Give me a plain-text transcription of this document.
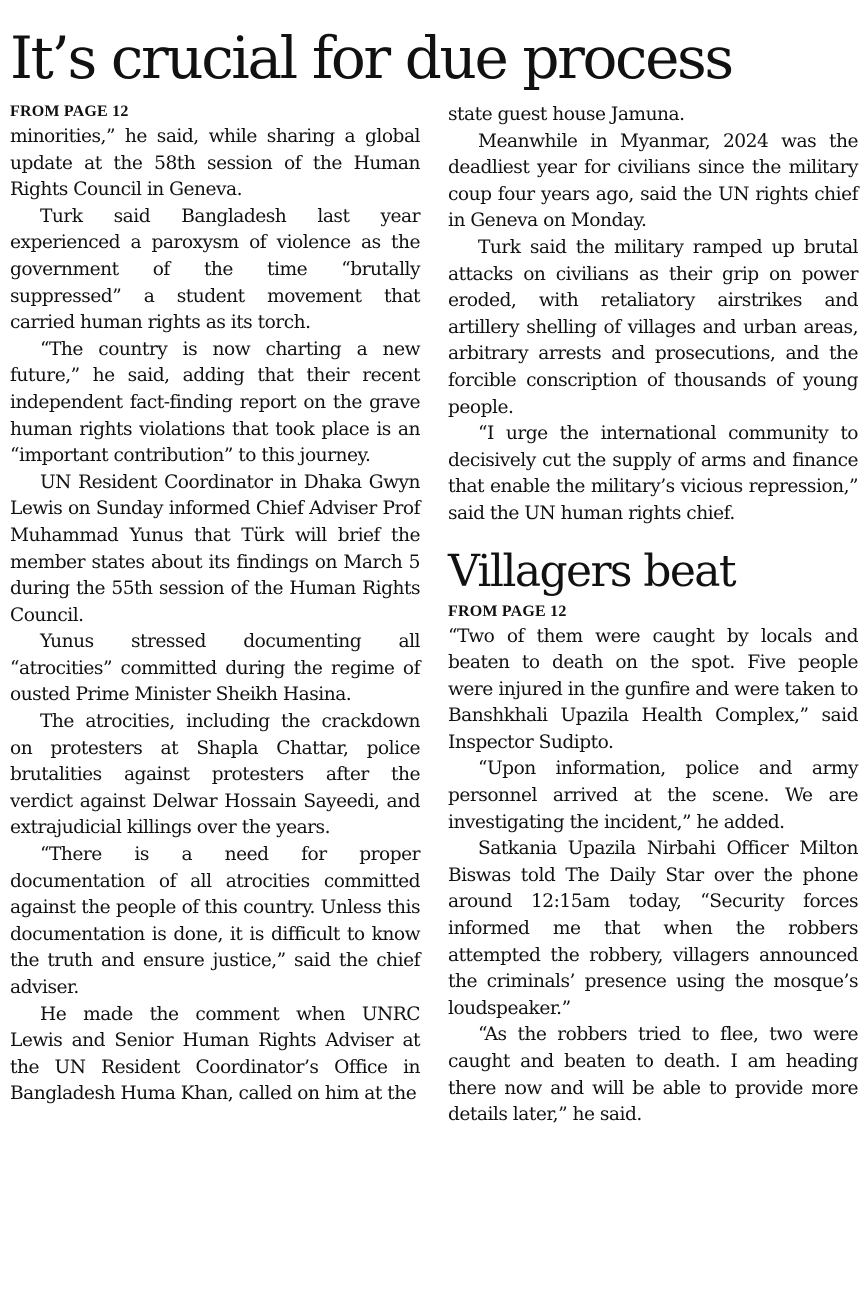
It’s crucial for due process
FROM PAGE 12

minorities,” he said, while sharing a global update at the 58th session of the Human Rights Council in Geneva.

Turk said Bangladesh last year experienced a paroxysm of violence as the government of the time “brutally suppressed” a student movement that carried human rights as its torch.

“The country is now charting a new future,” he said, adding that their recent independent fact-finding report on the grave human rights violations that took place is an “important contribution” to this journey.

UN Resident Coordinator in Dhaka Gwyn Lewis on Sunday informed Chief Adviser Prof Muhammad Yunus that Türk will brief the member states about its findings on March 5 during the 55th session of the Human Rights Council.

Yunus stressed documenting all “atrocities” committed during the regime of ousted Prime Minister Sheikh Hasina.

The atrocities, including the crackdown on protesters at Shapla Chattar, police brutalities against protesters after the verdict against Delwar Hossain Sayeedi, and extrajudicial killings over the years.

“There is a need for proper documentation of all atrocities committed against the people of this country. Unless this documentation is done, it is difficult to know the truth and ensure justice,” said the chief adviser.

He made the comment when UNRC Lewis and Senior Human Rights Adviser at the UN Resident Coordinator’s Office in Bangladesh Huma Khan, called on him at the

state guest house Jamuna.

Meanwhile in Myanmar, 2024 was the deadliest year for civilians since the military coup four years ago, said the UN rights chief in Geneva on Monday.

Turk said the military ramped up brutal attacks on civilians as their grip on power eroded, with retaliatory airstrikes and artillery shelling of villages and urban areas, arbitrary arrests and prosecutions, and the forcible conscription of thousands of young people.

“I urge the international community to decisively cut the supply of arms and finance that enable the military’s vicious repression,” said the UN human rights chief.

Villagers beat
FROM PAGE 12

“Two of them were caught by locals and beaten to death on the spot. Five people were injured in the gunfire and were taken to Banshkhali Upazila Health Complex,” said Inspector Sudipto.

“Upon information, police and army personnel arrived at the scene. We are investigating the incident,” he added.

Satkania Upazila Nirbahi Officer Milton Biswas told The Daily Star over the phone around 12:15am today, “Security forces informed me that when the robbers attempted the robbery, villagers announced the criminals’ presence using the mosque’s loudspeaker.”

“As the robbers tried to flee, two were caught and beaten to death. I am heading there now and will be able to provide more details later,” he said.
